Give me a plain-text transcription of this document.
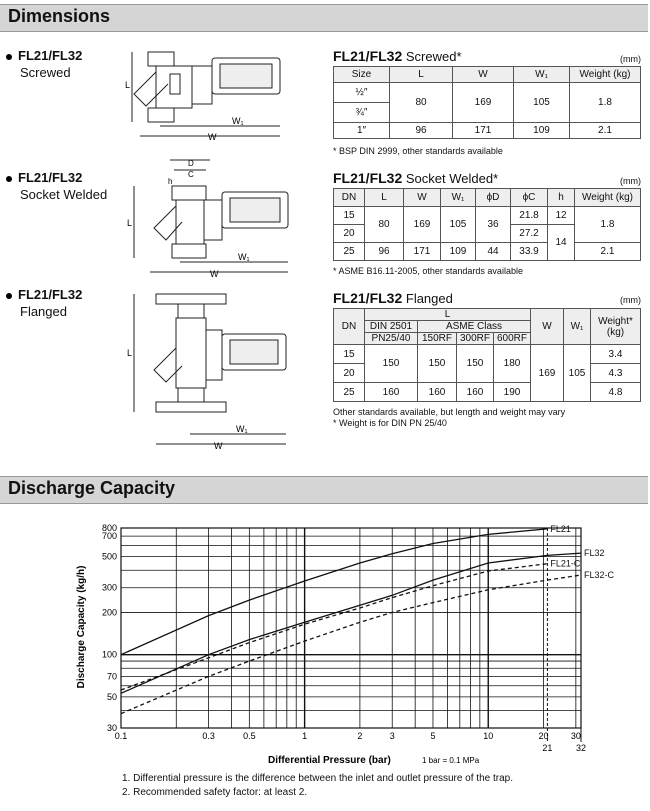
Dimensions
FL21/FL32
Screwed
L
W₁
W
FL21/FL32 Screwed*	(mm)
Size	L	W	W₁	Weight (kg)
½″	80	169	105	1.8
¾″				
1″	96	171	109	2.1
* BSP DIN 2999, other standards available
FL21/FL32
Socket Welded
D
C
h
L
W₁
W
FL21/FL32 Socket Welded*	(mm)
DN	L	W	W₁	ϕD	ϕC	h	Weight (kg)
15	80	169	105	36	21.8	12	1.8
20					27.2	14	
25	96	171	109	44	33.9		2.1
* ASME B16.11-2005, other standards available
FL21/FL32
Flanged
L
W₁
W
FL21/FL32 Flanged	(mm)
DN	L				W	W₁	Weight* (kg)
	DIN 2501	ASME Class					
	PN25/40	150RF	300RF	600RF			
15	150	150	150	180	169	105	3.4
20							4.3
25	160	160	160	190			4.8
Other standards available, but length and weight may vary
* Weight is for DIN PN 25/40
Discharge Capacity
FL21
FL32
FL21-C
FL32-C
0.1	0.3	0.5	1	2	3	5	10	20 30
21	32
30
50
70
100
200
300
500
700
800
Discharge Capacity (kg/h)
Differential Pressure (bar)	1 bar = 0.1 MPa
1. Differential pressure is the difference between the inlet and outlet pressure of the trap.
2. Recommended safety factor: at least 2.
